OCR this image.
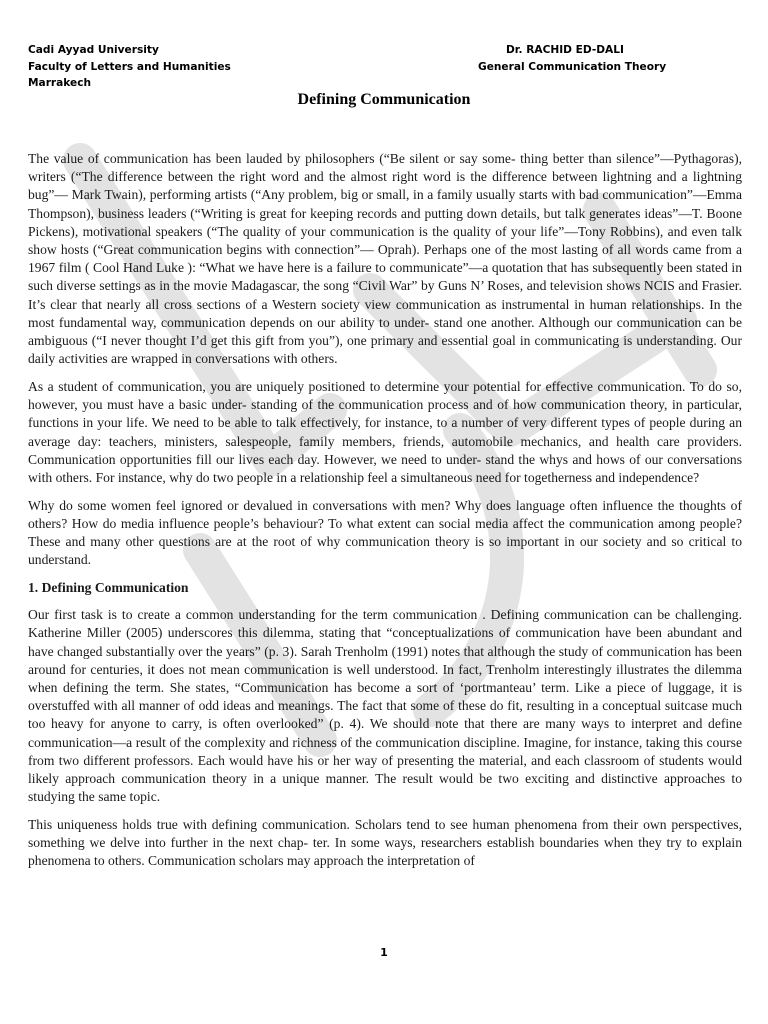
Cadi Ayyad University
Faculty of Letters and Humanities
Marrakech
Dr. RACHID ED-DALI
General Communication Theory
Defining Communication

The value of communication has been lauded by philosophers (“Be silent or say some- thing better than silence”—Pythagoras), writers (“The difference between the right word and the almost right word is the difference between lightning and a lightning bug”— Mark Twain), performing artists (“Any problem, big or small, in a family usually starts with bad communication”—Emma Thompson), business leaders (“Writing is great for keeping records and putting down details, but talk generates ideas”—T. Boone Pickens), motivational speakers (“The quality of your communication is the quality of your life”—Tony Robbins), and even talk show hosts (“Great communication begins with connection”— Oprah). Perhaps one of the most lasting of all words came from a 1967 film ( Cool Hand Luke ): “What we have here is a failure to communicate”—a quotation that has subsequently been stated in such diverse settings as in the movie Madagascar, the song “Civil War” by Guns N’ Roses, and television shows NCIS and Frasier. It’s clear that nearly all cross sections of a Western society view communication as instrumental in human relationships. In the most fundamental way, communication depends on our ability to under- stand one another. Although our communication can be ambiguous (“I never thought I’d get this gift from you”), one primary and essential goal in communicating is understanding. Our daily activities are wrapped in conversations with others.

As a student of communication, you are uniquely positioned to determine your potential for effective communication. To do so, however, you must have a basic under- standing of the communication process and of how communication theory, in particular, functions in your life. We need to be able to talk effectively, for instance, to a number of very different types of people during an average day: teachers, ministers, salespeople, family members, friends, automobile mechanics, and health care providers. Communication opportunities fill our lives each day. However, we need to under- stand the whys and hows of our conversations with others. For instance, why do two people in a relationship feel a simultaneous need for togetherness and independence?

Why do some women feel ignored or devalued in conversations with men? Why does language often influence the thoughts of others? How do media influence people’s behaviour? To what extent can social media affect the communication among people? These and many other questions are at the root of why communication theory is so important in our society and so critical to understand.

1. Defining Communication

Our first task is to create a common understanding for the term communication . Defining communication can be challenging. Katherine Miller (2005) underscores this dilemma, stating that “conceptualizations of communication have been abundant and have changed substantially over the years” (p. 3). Sarah Trenholm (1991) notes that although the study of communication has been around for centuries, it does not mean communication is well understood. In fact, Trenholm interestingly illustrates the dilemma when defining the term. She states, “Communication has become a sort of ‘portmanteau’ term. Like a piece of luggage, it is overstuffed with all manner of odd ideas and meanings. The fact that some of these do fit, resulting in a conceptual suitcase much too heavy for anyone to carry, is often overlooked” (p. 4). We should note that there are many ways to interpret and define communication—a result of the complexity and richness of the communication discipline. Imagine, for instance, taking this course from two different professors. Each would have his or her way of presenting the material, and each classroom of students would likely approach communication theory in a unique manner. The result would be two exciting and distinctive approaches to studying the same topic.

This uniqueness holds true with defining communication. Scholars tend to see human phenomena from their own perspectives, something we delve into further in the next chap- ter. In some ways, researchers establish boundaries when they try to explain phenomena to others. Communication scholars may approach the interpretation of

1
